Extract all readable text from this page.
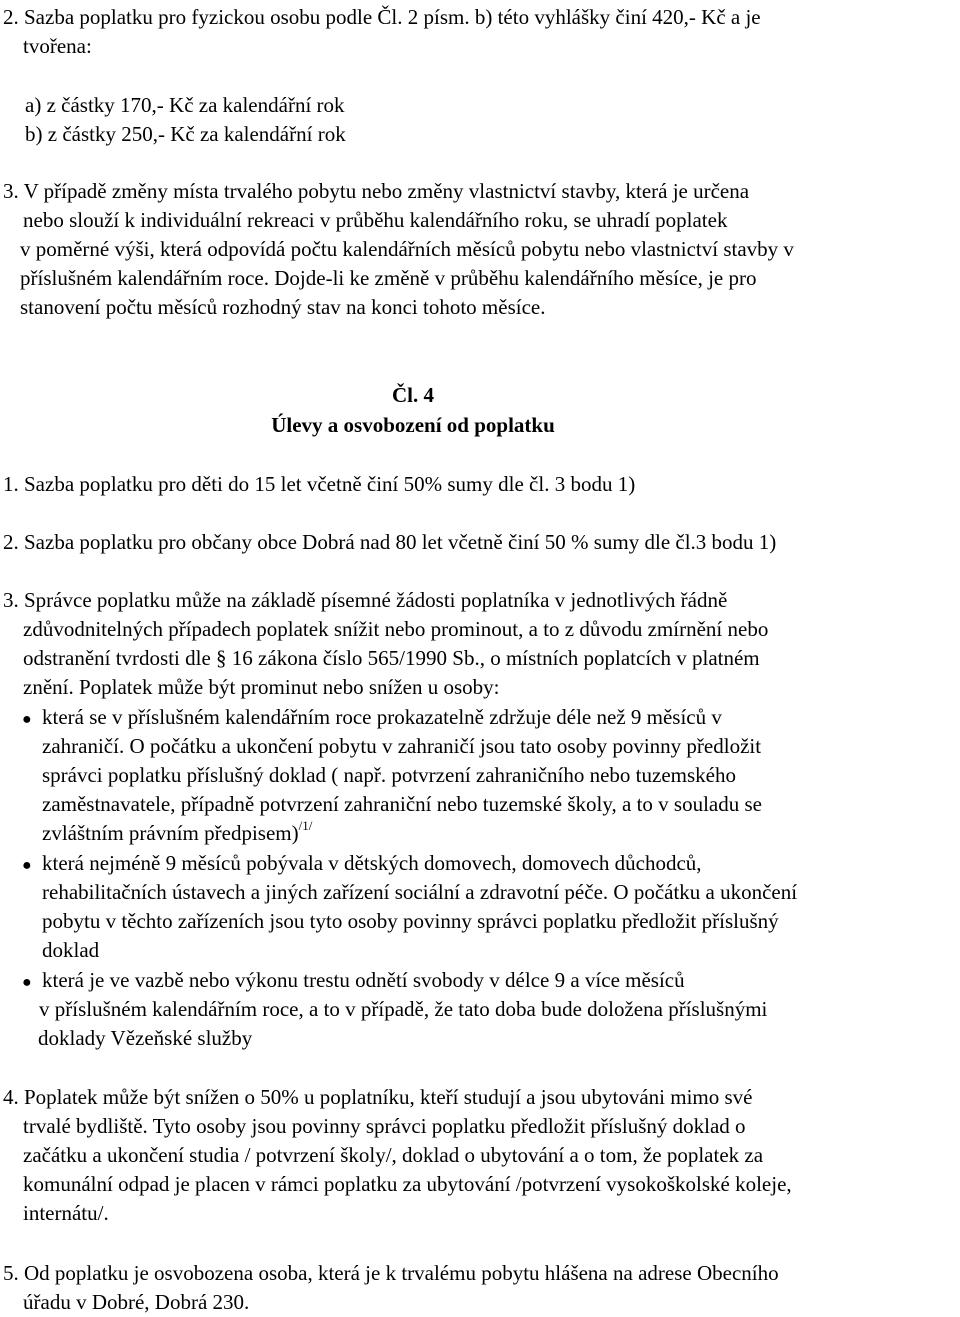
2. Sazba poplatku pro fyzickou osobu podle Čl. 2 písm. b) této vyhlášky činí 420,- Kč a je
tvořena:
a) z částky 170,- Kč za kalendářní rok
b) z částky 250,- Kč za kalendářní rok
3. V případě změny místa trvalého pobytu nebo změny vlastnictví stavby, která je určena
nebo slouží k individuální rekreaci v průběhu kalendářního roku, se uhradí poplatek
v poměrné výši, která odpovídá počtu kalendářních měsíců pobytu nebo vlastnictví stavby v
příslušném kalendářním roce. Dojde-li ke změně v průběhu kalendářního měsíce, je pro
stanovení počtu měsíců rozhodný stav na konci tohoto měsíce.
Čl. 4
Úlevy a osvobození od poplatku
1. Sazba poplatku pro děti do 15 let včetně činí 50% sumy dle čl. 3 bodu 1)
2. Sazba poplatku pro občany obce Dobrá nad 80 let včetně činí 50 % sumy dle čl.3 bodu 1)
3. Správce poplatku může na základě písemné žádosti poplatníka v jednotlivých řádně
zdůvodnitelných případech poplatek snížit nebo prominout, a to z důvodu zmírnění nebo
odstranění tvrdosti dle § 16 zákona číslo 565/1990 Sb., o místních poplatcích v platném
znění. Poplatek může být prominut nebo snížen u osoby:
● která se v příslušném kalendářním roce prokazatelně zdržuje déle než 9 měsíců v
zahraničí. O počátku a ukončení pobytu v zahraničí jsou tato osoby povinny předložit
správci poplatku příslušný doklad ( např. potvrzení zahraničního nebo tuzemského
zaměstnavatele, případně potvrzení zahraniční nebo tuzemské školy, a to v souladu se
zvláštním právním předpisem)$^{/1/}$
● která nejméně 9 měsíců pobývala v dětských domovech, domovech důchodců,
rehabilitačních ústavech a jiných zařízení sociální a zdravotní péče. O počátku a ukončení
pobytu v těchto zařízeních jsou tyto osoby povinny správci poplatku předložit příslušný
doklad
● která je ve vazbě nebo výkonu trestu odnětí svobody v délce 9 a více měsíců
v příslušném kalendářním roce, a to v případě, že tato doba bude doložena příslušnými
doklady Vězeňské služby
4. Poplatek může být snížen o 50% u poplatníku, kteří studují a jsou ubytováni mimo své
trvalé bydliště. Tyto osoby jsou povinny správci poplatku předložit příslušný doklad o
začátku a ukončení studia / potvrzení školy/, doklad o ubytování a o tom, že poplatek za
komunální odpad je placen v rámci poplatku za ubytování /potvrzení vysokoškolské koleje,
internátu/.
5. Od poplatku je osvobozena osoba, která je k trvalému pobytu hlášena na adrese Obecního
úřadu v Dobré, Dobrá 230.
